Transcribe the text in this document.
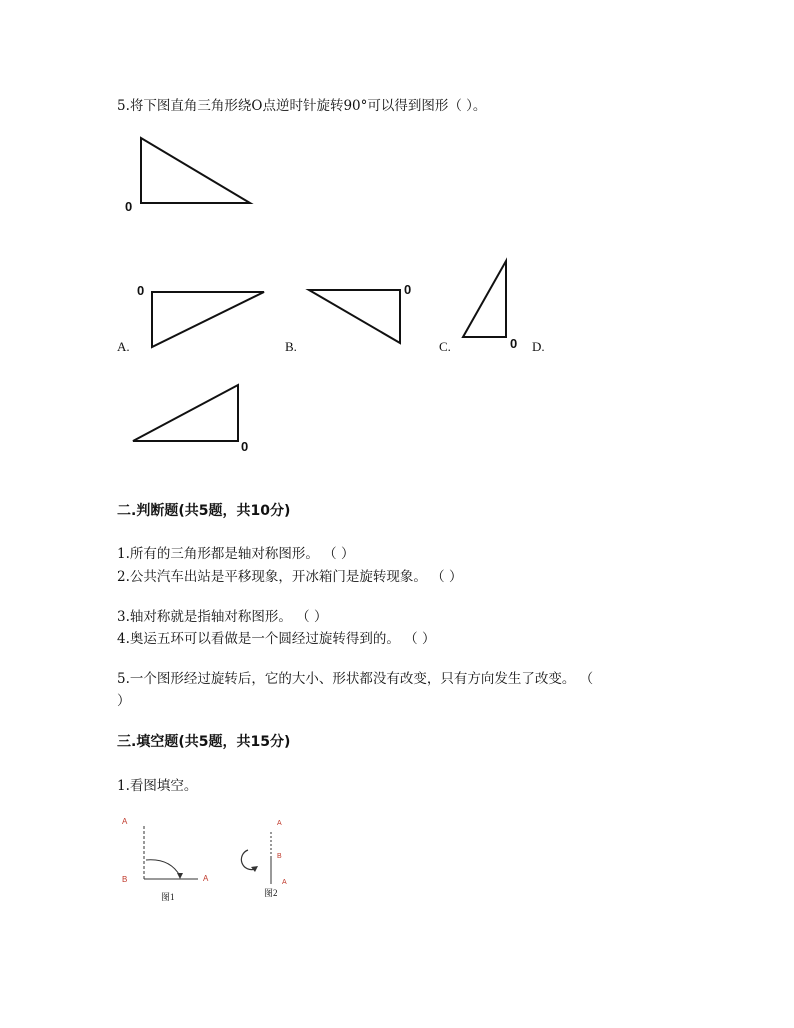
5.将下图直角三角形绕O点逆时针旋转90°可以得到图形（ ）。
0
0
A.
0
B.	0
C.	D.
0
二.判断题(共5题，共10分)
1.所有的三角形都是轴对称图形。 （ ）
2.公共汽车出站是平移现象，开冰箱门是旋转现象。 （ ）
3.轴对称就是指轴对称图形。 （ ）
4.奥运五环可以看做是一个圆经过旋转得到的。 （ ）
5.一个图形经过旋转后，它的大小、形状都没有改变，只有方向发生了改变。 （
）
三.填空题(共5题，共15分)
1.看图填空。
A
B	A
图1
A
B
A
图2
